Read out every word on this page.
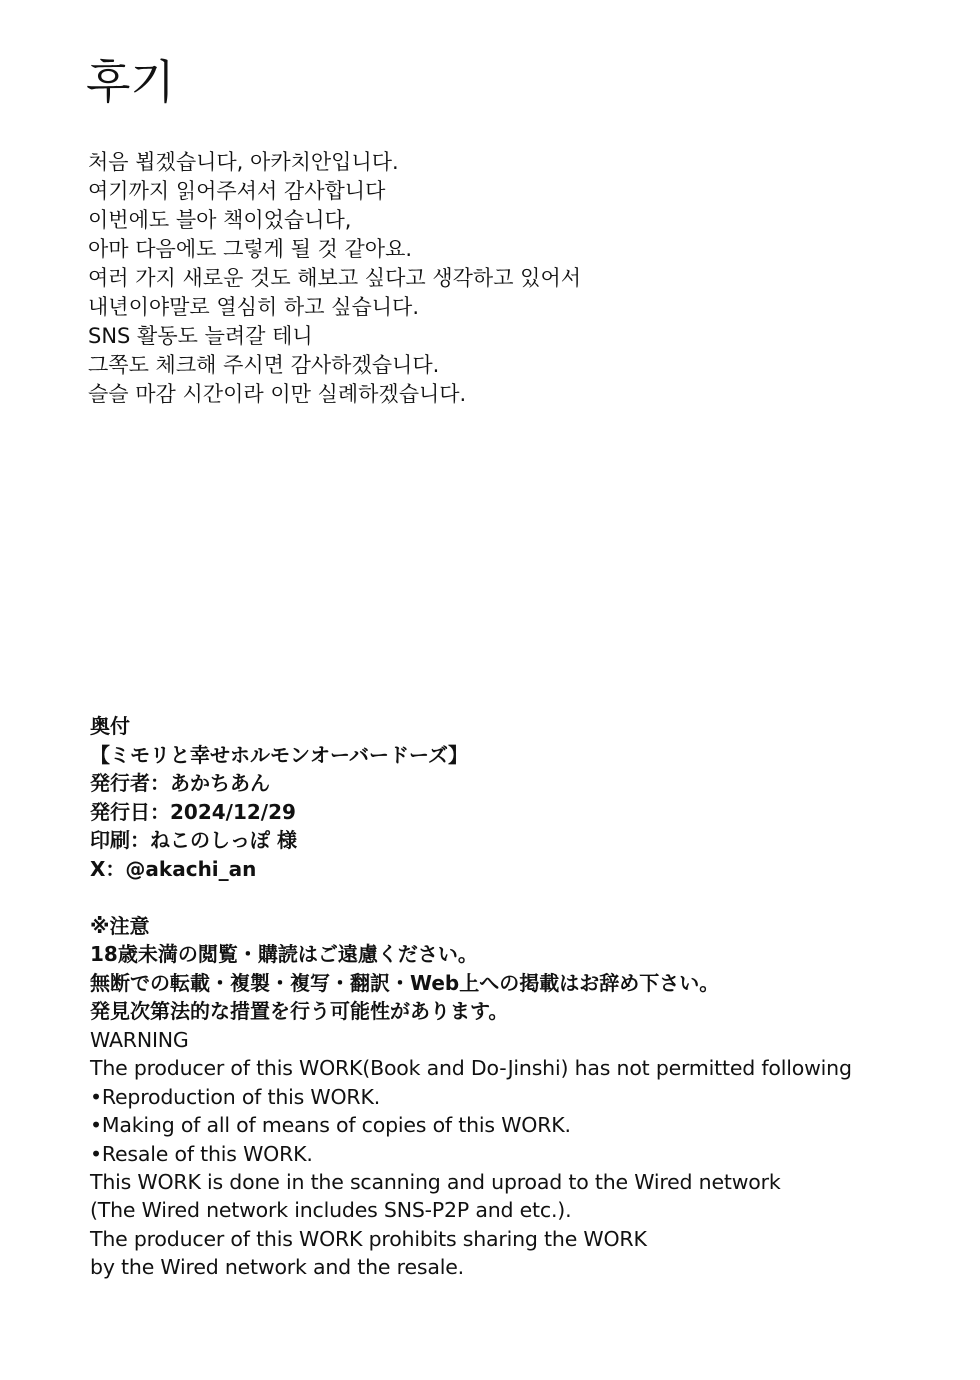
후기
처음 뵙겠습니다, 아카치안입니다.
여기까지 읽어주셔서 감사합니다
이번에도 블아 책이었습니다,
아마 다음에도 그렇게 될 것 같아요.
여러 가지 새로운 것도 해보고 싶다고 생각하고 있어서
내년이야말로 열심히 하고 싶습니다.
SNS 활동도 늘려갈 테니
그쪽도 체크해 주시면 감사하겠습니다.
슬슬 마감 시간이라 이만 실례하겠습니다.
奥付
【ミモリと幸せホルモンオーバードーズ】
発行者：あかちあん
発行日：2024/12/29
印刷：ねこのしっぽ 様
X：@akachi_an
※注意
18歳未満の閲覧・購読はご遠慮ください。
無断での転載・複製・複写・翻訳・Web上への掲載はお辞め下さい。
発見次第法的な措置を行う可能性があります。
WARNING
The producer of this WORK(Book and Do-Jinshi) has not permitted following
•Reproduction of this WORK.
•Making of all of means of copies of this WORK.
•Resale of this WORK.
This WORK is done in the scanning and uproad to the Wired network
(The Wired network includes SNS-P2P and etc.).
The producer of this WORK prohibits sharing the WORK
by the Wired network and the resale.
